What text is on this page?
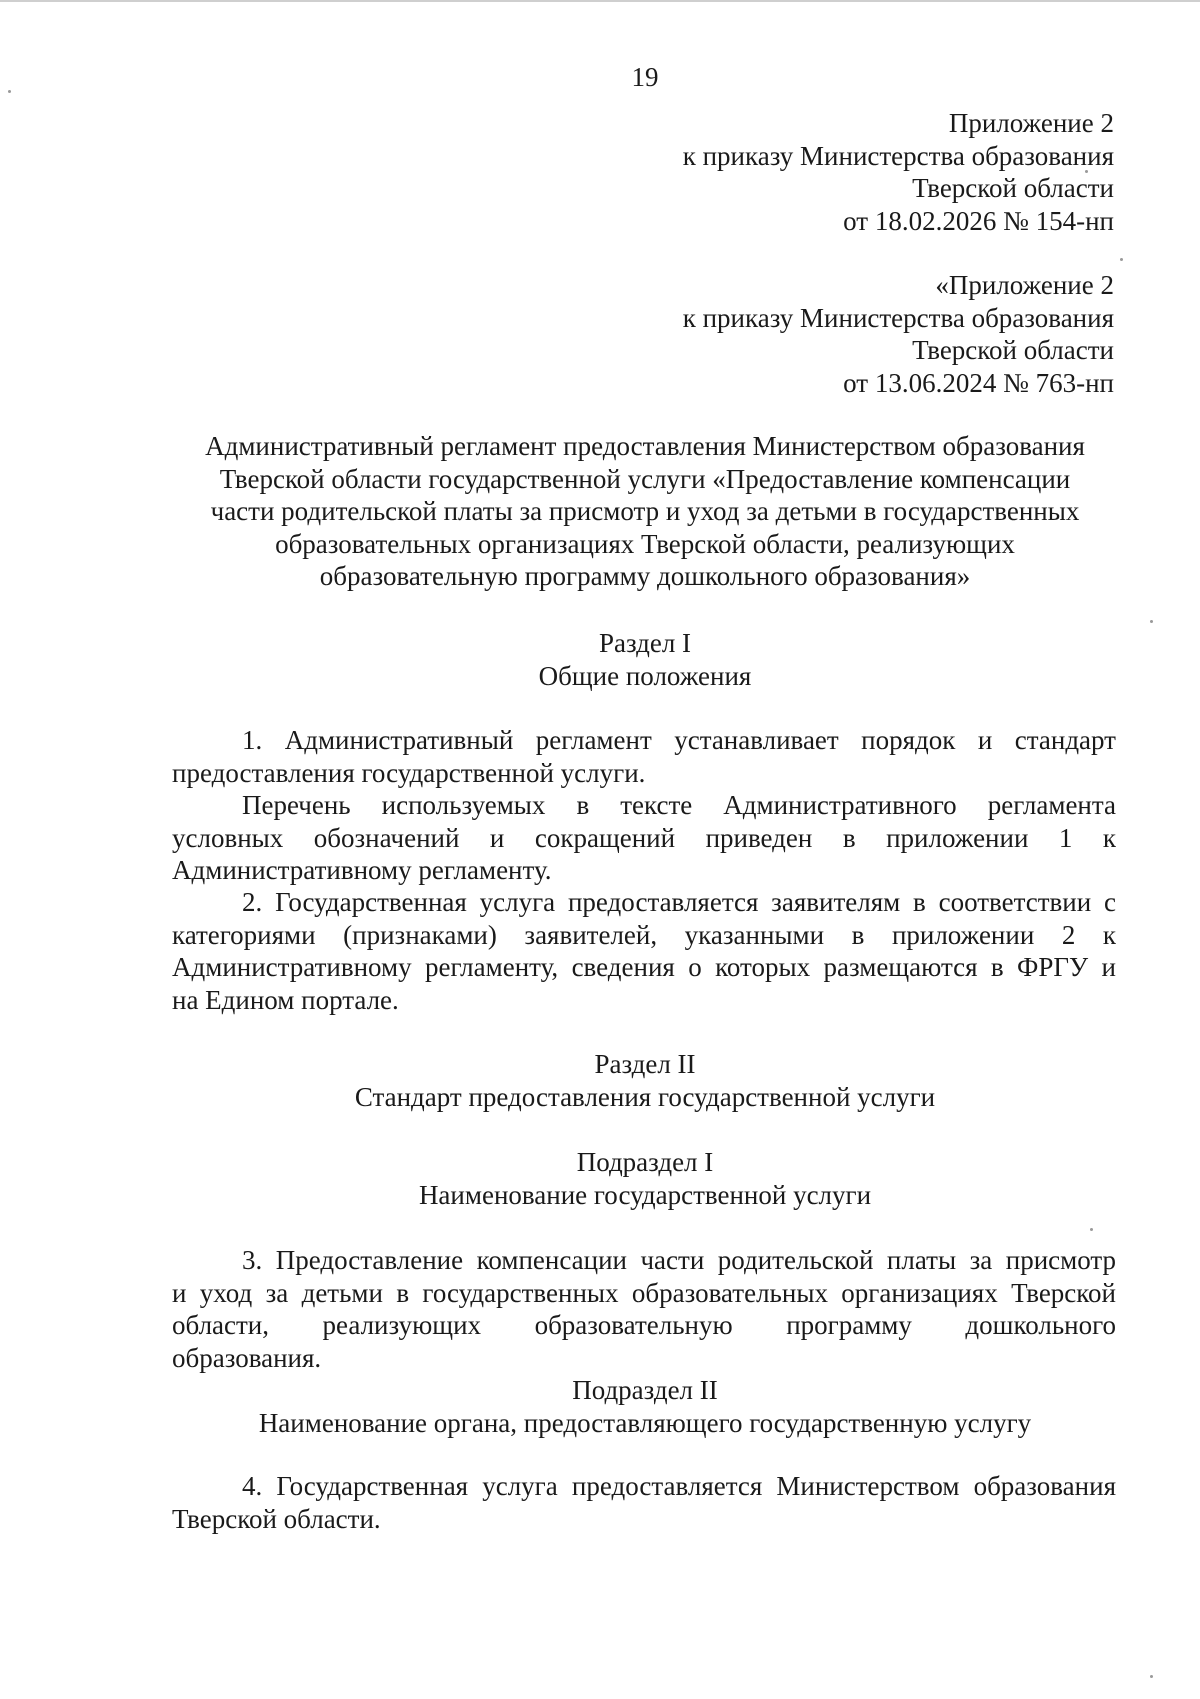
19
Приложение 2
к приказу Министерства образования
Тверской области
от 18.02.2026 № 154-нп
«Приложение 2
к приказу Министерства образования
Тверской области
от 13.06.2024 № 763-нп
Административный регламент предоставления Министерством образования
Тверской области государственной услуги «Предоставление компенсации
части родительской платы за присмотр и уход за детьми в государственных
образовательных организациях Тверской области, реализующих
образовательную программу дошкольного образования»
Раздел I
Общие положения
1. Административный регламент устанавливает порядок и стандарт
предоставления государственной услуги.
Перечень используемых в тексте Административного регламента
условных обозначений и сокращений приведен в приложении 1 к
Административному регламенту.
2. Государственная услуга предоставляется заявителям в соответствии с
категориями (признаками) заявителей, указанными в приложении 2 к
Административному регламенту, сведения о которых размещаются в ФРГУ и
на Едином портале.
Раздел II
Стандарт предоставления государственной услуги
Подраздел I
Наименование государственной услуги
3. Предоставление компенсации части родительской платы за присмотр
и уход за детьми в государственных образовательных организациях Тверской
области, реализующих образовательную программу дошкольного
образования.
Подраздел II
Наименование органа, предоставляющего государственную услугу
4. Государственная услуга предоставляется Министерством образования
Тверской области.
